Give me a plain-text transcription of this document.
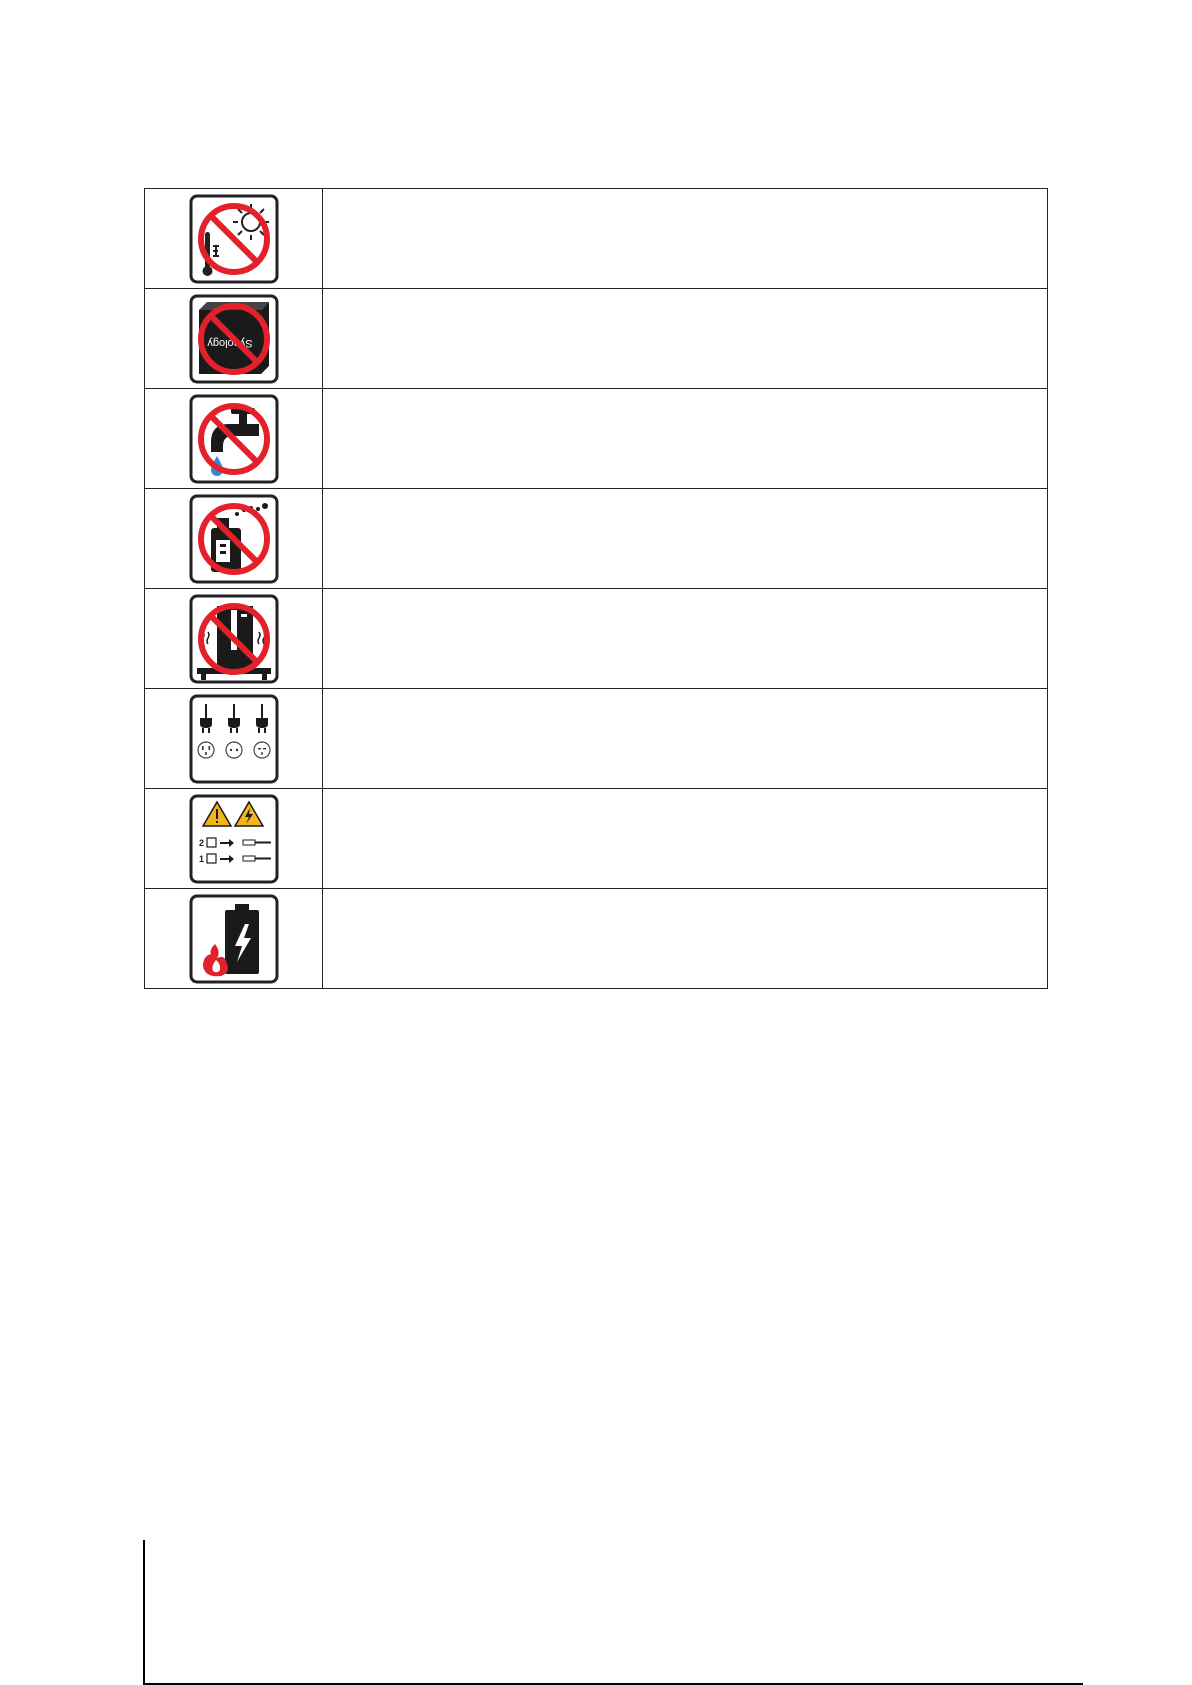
Synology	

2
1	
